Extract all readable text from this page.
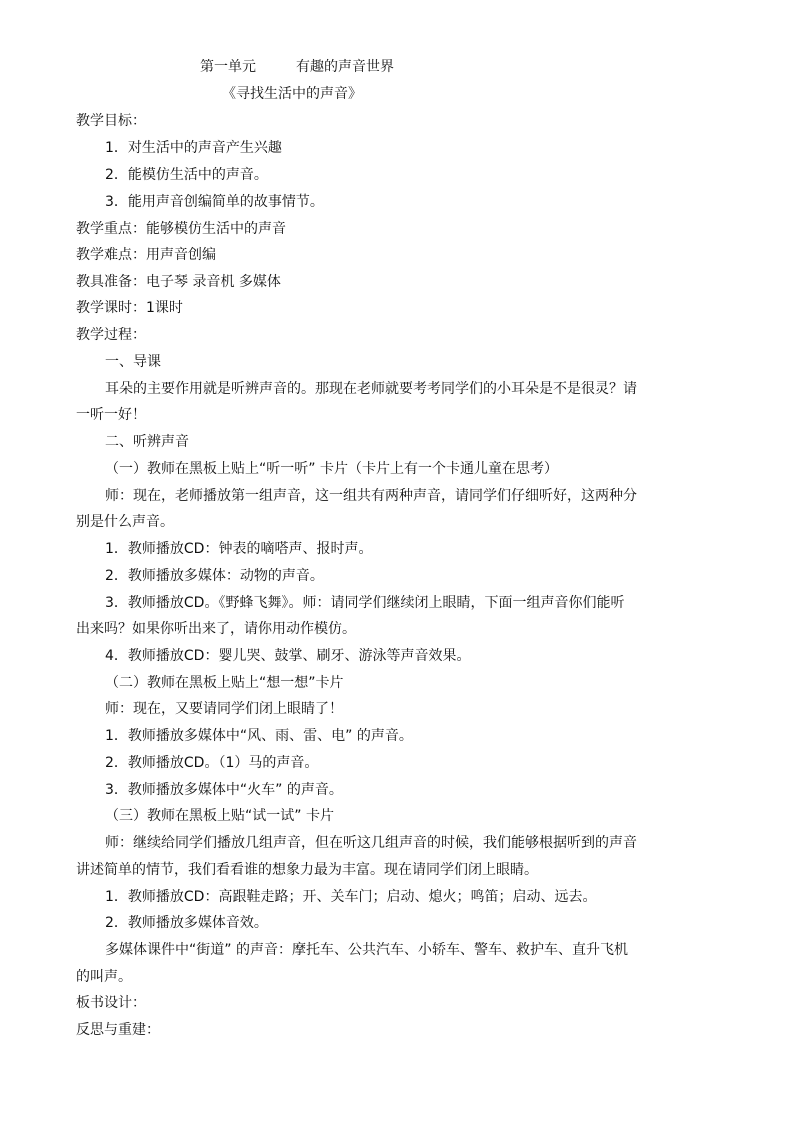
第一单元	有趣的声音世界
《寻找生活中的声音》
教学目标：
1．对生活中的声音产生兴趣
2．能模仿生活中的声音。
3．能用声音创编简单的故事情节。
教学重点：能够模仿生活中的声音
教学难点：用声音创编
教具准备：电子琴 录音机 多媒体
教学课时：1课时
教学过程：
一、导课
耳朵的主要作用就是听辨声音的。那现在老师就要考考同学们的小耳朵是不是很灵？请
一听一好！
二、听辨声音
（一）教师在黑板上贴上“听一听” 卡片（卡片上有一个卡通儿童在思考）
师：现在，老师播放第一组声音，这一组共有两种声音，请同学们仔细听好，这两种分
别是什么声音。
1．教师播放CD：钟表的嘀嗒声、报时声。
2．教师播放多媒体：动物的声音。
3．教师播放CD。《野蜂飞舞》。师：请同学们继续闭上眼睛，下面一组声音你们能听
出来吗？如果你听出来了，请你用动作模仿。
4．教师播放CD：婴儿哭、鼓掌、刷牙、游泳等声音效果。
（二）教师在黑板上贴上“想一想”卡片
师：现在，又要请同学们闭上眼睛了！
1．教师播放多媒体中“风、雨、雷、电” 的声音。
2．教师播放CD。（1）马的声音。
3．教师播放多媒体中“火车” 的声音。
（三）教师在黑板上贴“试一试” 卡片
师：继续给同学们播放几组声音，但在听这几组声音的时候，我们能够根据听到的声音
讲述简单的情节，我们看看谁的想象力最为丰富。现在请同学们闭上眼睛。
1．教师播放CD：高跟鞋走路；开、关车门；启动、熄火；鸣笛；启动、远去。
2．教师播放多媒体音效。
多媒体课件中“街道” 的声音：摩托车、公共汽车、小轿车、警车、救护车、直升飞机
的叫声。
板书设计：
反思与重建：
